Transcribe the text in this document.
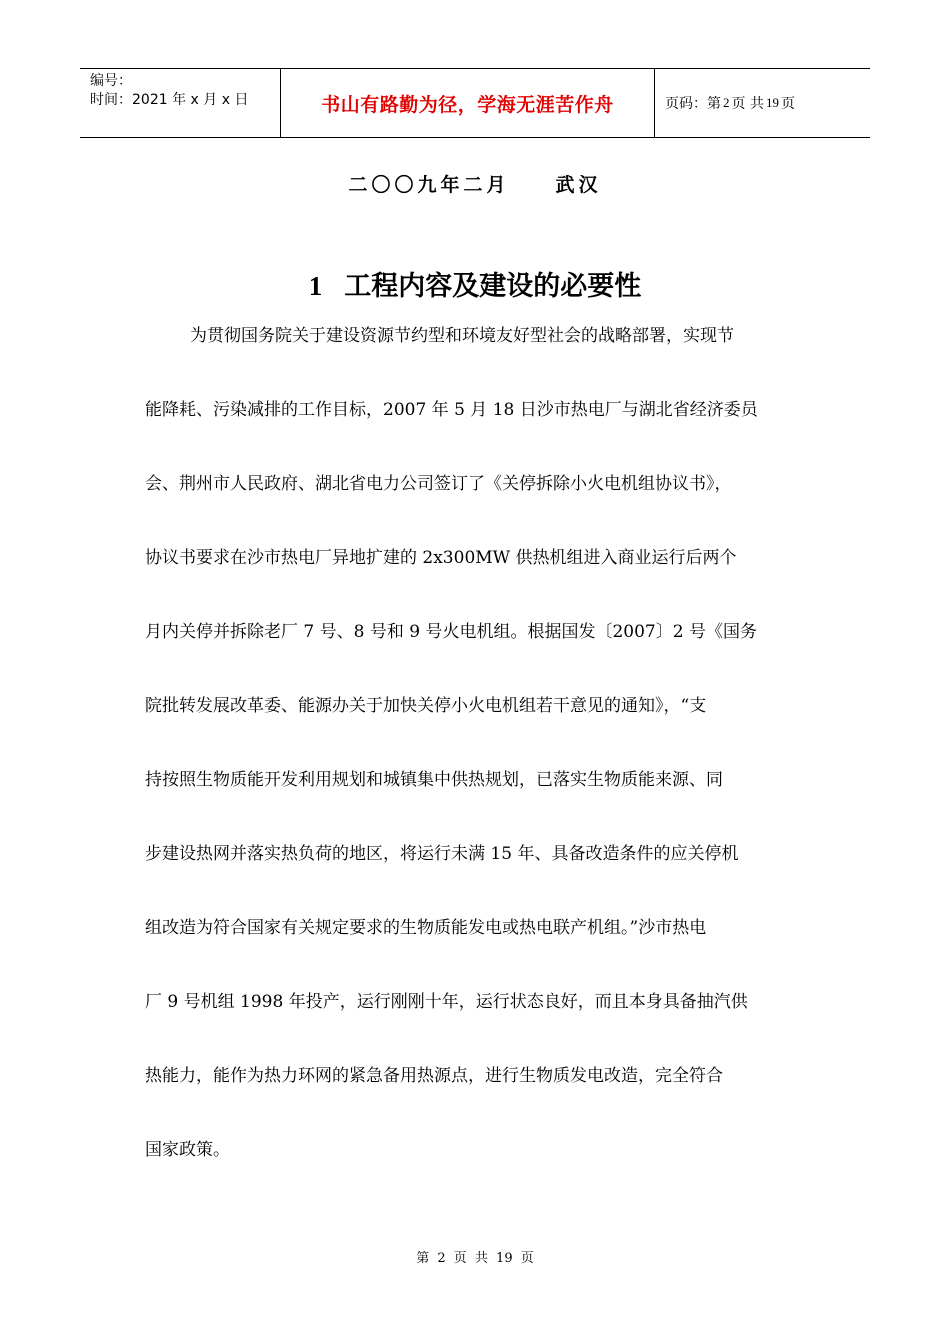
编号：
时间：2021 年 x 月 x 日	书山有路勤为径，学海无涯苦作舟	页码：第 2 页 共 19 页
二〇〇九年二月 武汉
1 工程内容及建设的必要性
为贯彻国务院关于建设资源节约型和环境友好型社会的战略部署，实现节
能降耗、污染减排的工作目标，2007 年 5 月 18 日沙市热电厂与湖北省经济委员
会、荆州市人民政府、湖北省电力公司签订了《关停拆除小火电机组协议书》，
协议书要求在沙市热电厂异地扩建的 2x300MW 供热机组进入商业运行后两个
月内关停并拆除老厂 7 号、8 号和 9 号火电机组。根据国发〔2007〕2 号《国务
院批转发展改革委、能源办关于加快关停小火电机组若干意见的通知》，“支
持按照生物质能开发利用规划和城镇集中供热规划，已落实生物质能来源、同
步建设热网并落实热负荷的地区，将运行未满 15 年、具备改造条件的应关停机
组改造为符合国家有关规定要求的生物质能发电或热电联产机组。”沙市热电
厂 9 号机组 1998 年投产，运行刚刚十年，运行状态良好，而且本身具备抽汽供
热能力，能作为热力环网的紧急备用热源点，进行生物质发电改造，完全符合
国家政策。
第 2 页 共 19 页
